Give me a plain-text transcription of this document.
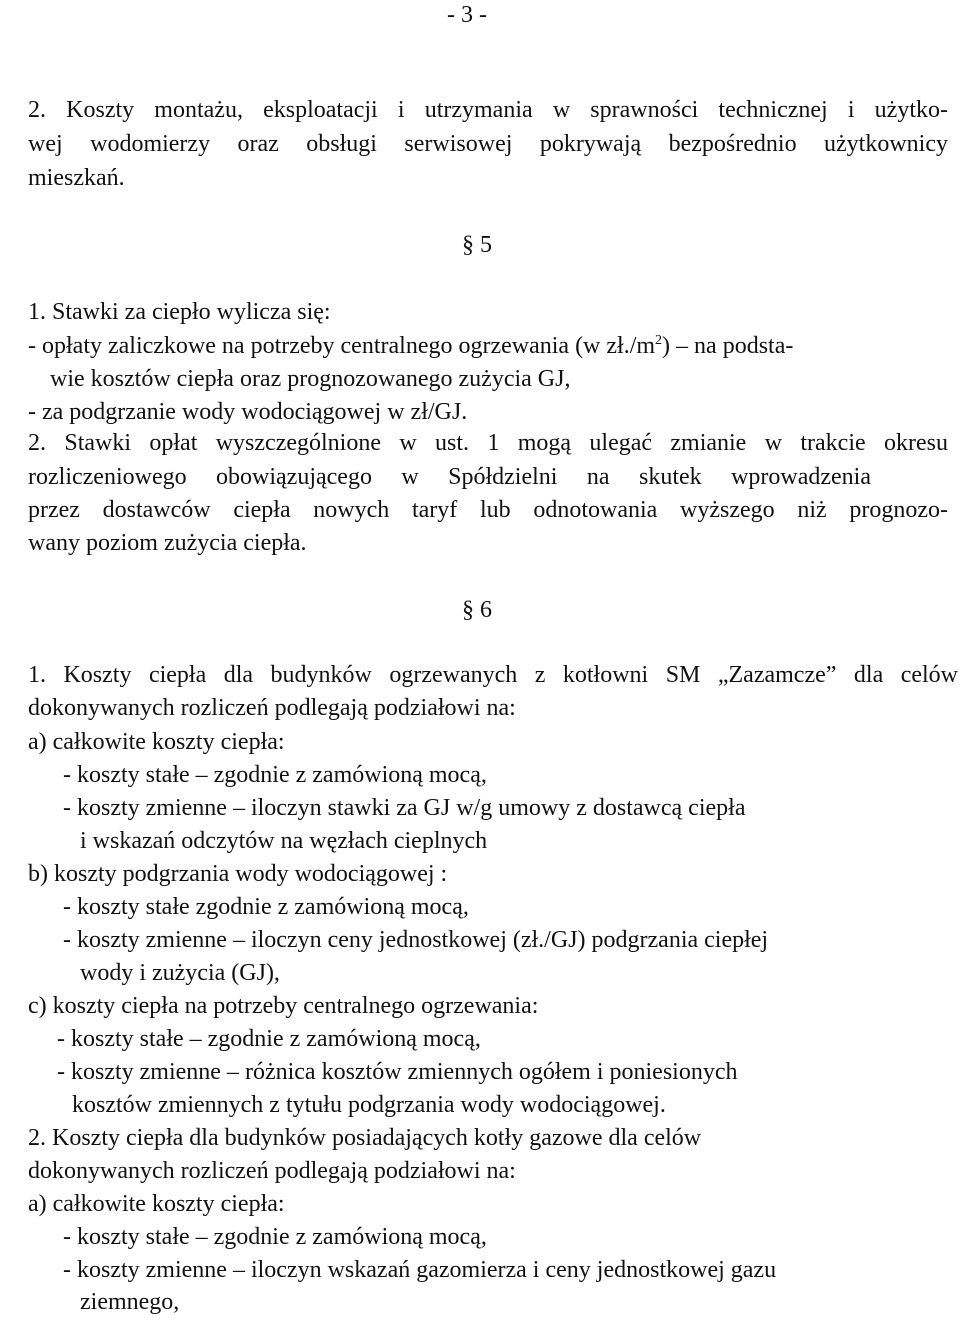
- 3 -
2. Koszty montażu, eksploatacji i utrzymania w sprawności technicznej i użytko-
wej wodomierzy oraz obsługi serwisowej pokrywają bezpośrednio użytkownicy
mieszkań.
§ 5
1. Stawki za ciepło wylicza się:
- opłaty zaliczkowe na potrzeby centralnego ogrzewania (w $zł./m^2$) – na podsta-
wie kosztów ciepła oraz prognozowanego zużycia GJ,
- za podgrzanie wody wodociągowej w zł/GJ.
2. Stawki opłat wyszczególnione w ust. 1 mogą ulegać zmianie w trakcie okresu
rozliczeniowego obowiązującego w Spółdzielni na skutek wprowadzenia
przez dostawców ciepła nowych taryf lub odnotowania wyższego niż prognozo-
wany poziom zużycia ciepła.
§ 6
1. Koszty ciepła dla budynków ogrzewanych z kotłowni SM „Zazamcze” dla celów
dokonywanych rozliczeń podlegają podziałowi na:
a) całkowite koszty ciepła:
- koszty stałe – zgodnie z zamówioną mocą,
- koszty zmienne – iloczyn stawki za GJ w/g umowy z dostawcą ciepła
i wskazań odczytów na węzłach cieplnych
b) koszty podgrzania wody wodociągowej :
- koszty stałe zgodnie z zamówioną mocą,
- koszty zmienne – iloczyn ceny jednostkowej (zł./GJ) podgrzania ciepłej
wody i zużycia (GJ),
c) koszty ciepła na potrzeby centralnego ogrzewania:
- koszty stałe – zgodnie z zamówioną mocą,
- koszty zmienne – różnica kosztów zmiennych ogółem i poniesionych
kosztów zmiennych z tytułu podgrzania wody wodociągowej.
2. Koszty ciepła dla budynków posiadających kotły gazowe dla celów
dokonywanych rozliczeń podlegają podziałowi na:
a) całkowite koszty ciepła:
- koszty stałe – zgodnie z zamówioną mocą,
- koszty zmienne – iloczyn wskazań gazomierza i ceny jednostkowej gazu
ziemnego,
